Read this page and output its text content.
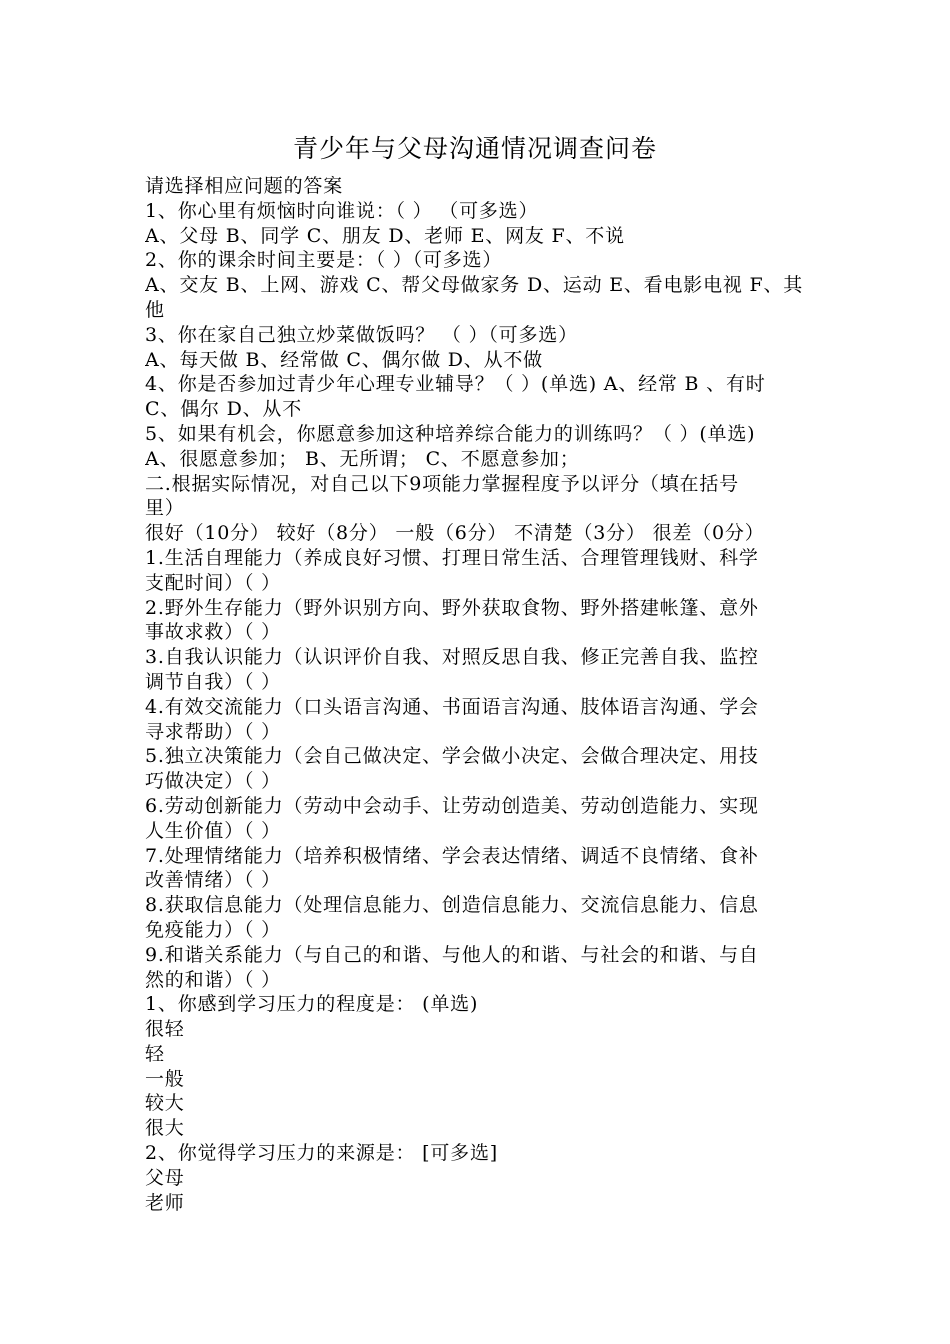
青少年与父母沟通情况调查问卷
请选择相应问题的答案
1、你心里有烦恼时向谁说：（ ） （可多选）
A、父母 B、同学 C、朋友 D、老师 E、网友 F、不说
2、你的课余时间主要是：（ ）（可多选）
A、交友 B、上网、游戏 C、帮父母做家务 D、运动 E、看电影电视 F、其
他
3、你在家自己独立炒菜做饭吗？ （ ）（可多选）
A、每天做 B、经常做 C、偶尔做 D、从不做
4、你是否参加过青少年心理专业辅导？（ ）(单选) A、经常 B 、有时
C、偶尔 D、从不
5、如果有机会，你愿意参加这种培养综合能力的训练吗？（ ）(单选)
A、很愿意参加； B、无所谓； C、不愿意参加；
二.根据实际情况，对自己以下9项能力掌握程度予以评分（填在括号
里）
很好（10分） 较好（8分） 一般（6分） 不清楚（3分） 很差（0分）
1.生活自理能力（养成良好习惯、打理日常生活、合理管理钱财、科学
支配时间）（ ）
2.野外生存能力（野外识别方向、野外获取食物、野外搭建帐篷、意外
事故求救）（ ）
3.自我认识能力（认识评价自我、对照反思自我、修正完善自我、监控
调节自我）（ ）
4.有效交流能力（口头语言沟通、书面语言沟通、肢体语言沟通、学会
寻求帮助）（ ）
5.独立决策能力（会自己做决定、学会做小决定、会做合理决定、用技
巧做决定）（ ）
6.劳动创新能力（劳动中会动手、让劳动创造美、劳动创造能力、实现
人生价值）（ ）
7.处理情绪能力（培养积极情绪、学会表达情绪、调适不良情绪、食补
改善情绪）（ ）
8.获取信息能力（处理信息能力、创造信息能力、交流信息能力、信息
免疫能力）（ ）
9.和谐关系能力（与自己的和谐、与他人的和谐、与社会的和谐、与自
然的和谐）（ ）
1、你感到学习压力的程度是： (单选)
很轻
轻
一般
较大
很大
2、你觉得学习压力的来源是： [可多选]
父母
老师
